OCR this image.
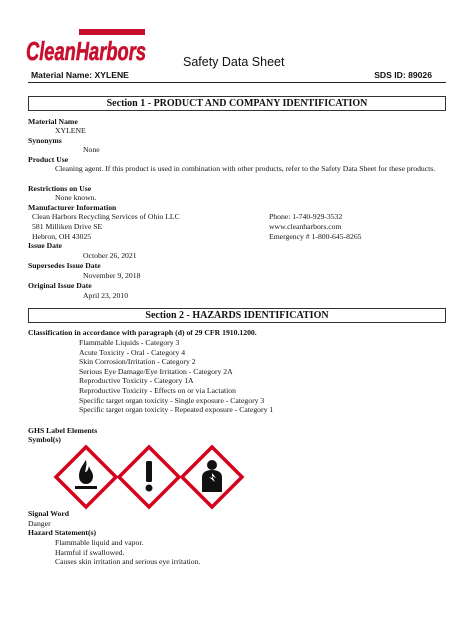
CleanHarbors	Safety Data Sheet
Material Name: XYLENE	SDS ID: 89026
Section 1 - PRODUCT AND COMPANY IDENTIFICATION
Material Name
XYLENE
Synonyms
None
Product Use
Cleaning agent. If this product is used in combination with other products, refer to the Safety Data Sheet for these products.
Restrictions on Use
None known.
Manufacturer Information
Clean Harbors Recycling Services of Ohio LLC
581 Milliken Drive SE
Hebron, OH 43025
Phone: 1-740-929-3532
www.cleanharbors.com
Emergency # 1-800-645-8265
Issue Date
October 26, 2021
Supersedes Issue Date
November 9, 2018
Original Issue Date
April 23, 2010
Section 2 - HAZARDS IDENTIFICATION
Classification in accordance with paragraph (d) of 29 CFR 1910.1200.
Flammable Liquids - Category 3
Acute Toxicity - Oral - Category 4
Skin Corrosion/Irritation - Category 2
Serious Eye Damage/Eye Irritation - Category 2A
Reproductive Toxicity - Category 1A
Reproductive Toxicity - Effects on or via Lactation
Specific target organ toxicity - Single exposure - Category 3
Specific target organ toxicity - Repeated exposure - Category 1
GHS Label Elements
Symbol(s)
Signal Word
Danger
Hazard Statement(s)
Flammable liquid and vapor.
Harmful if swallowed.
Causes skin irritation and serious eye irritation.
